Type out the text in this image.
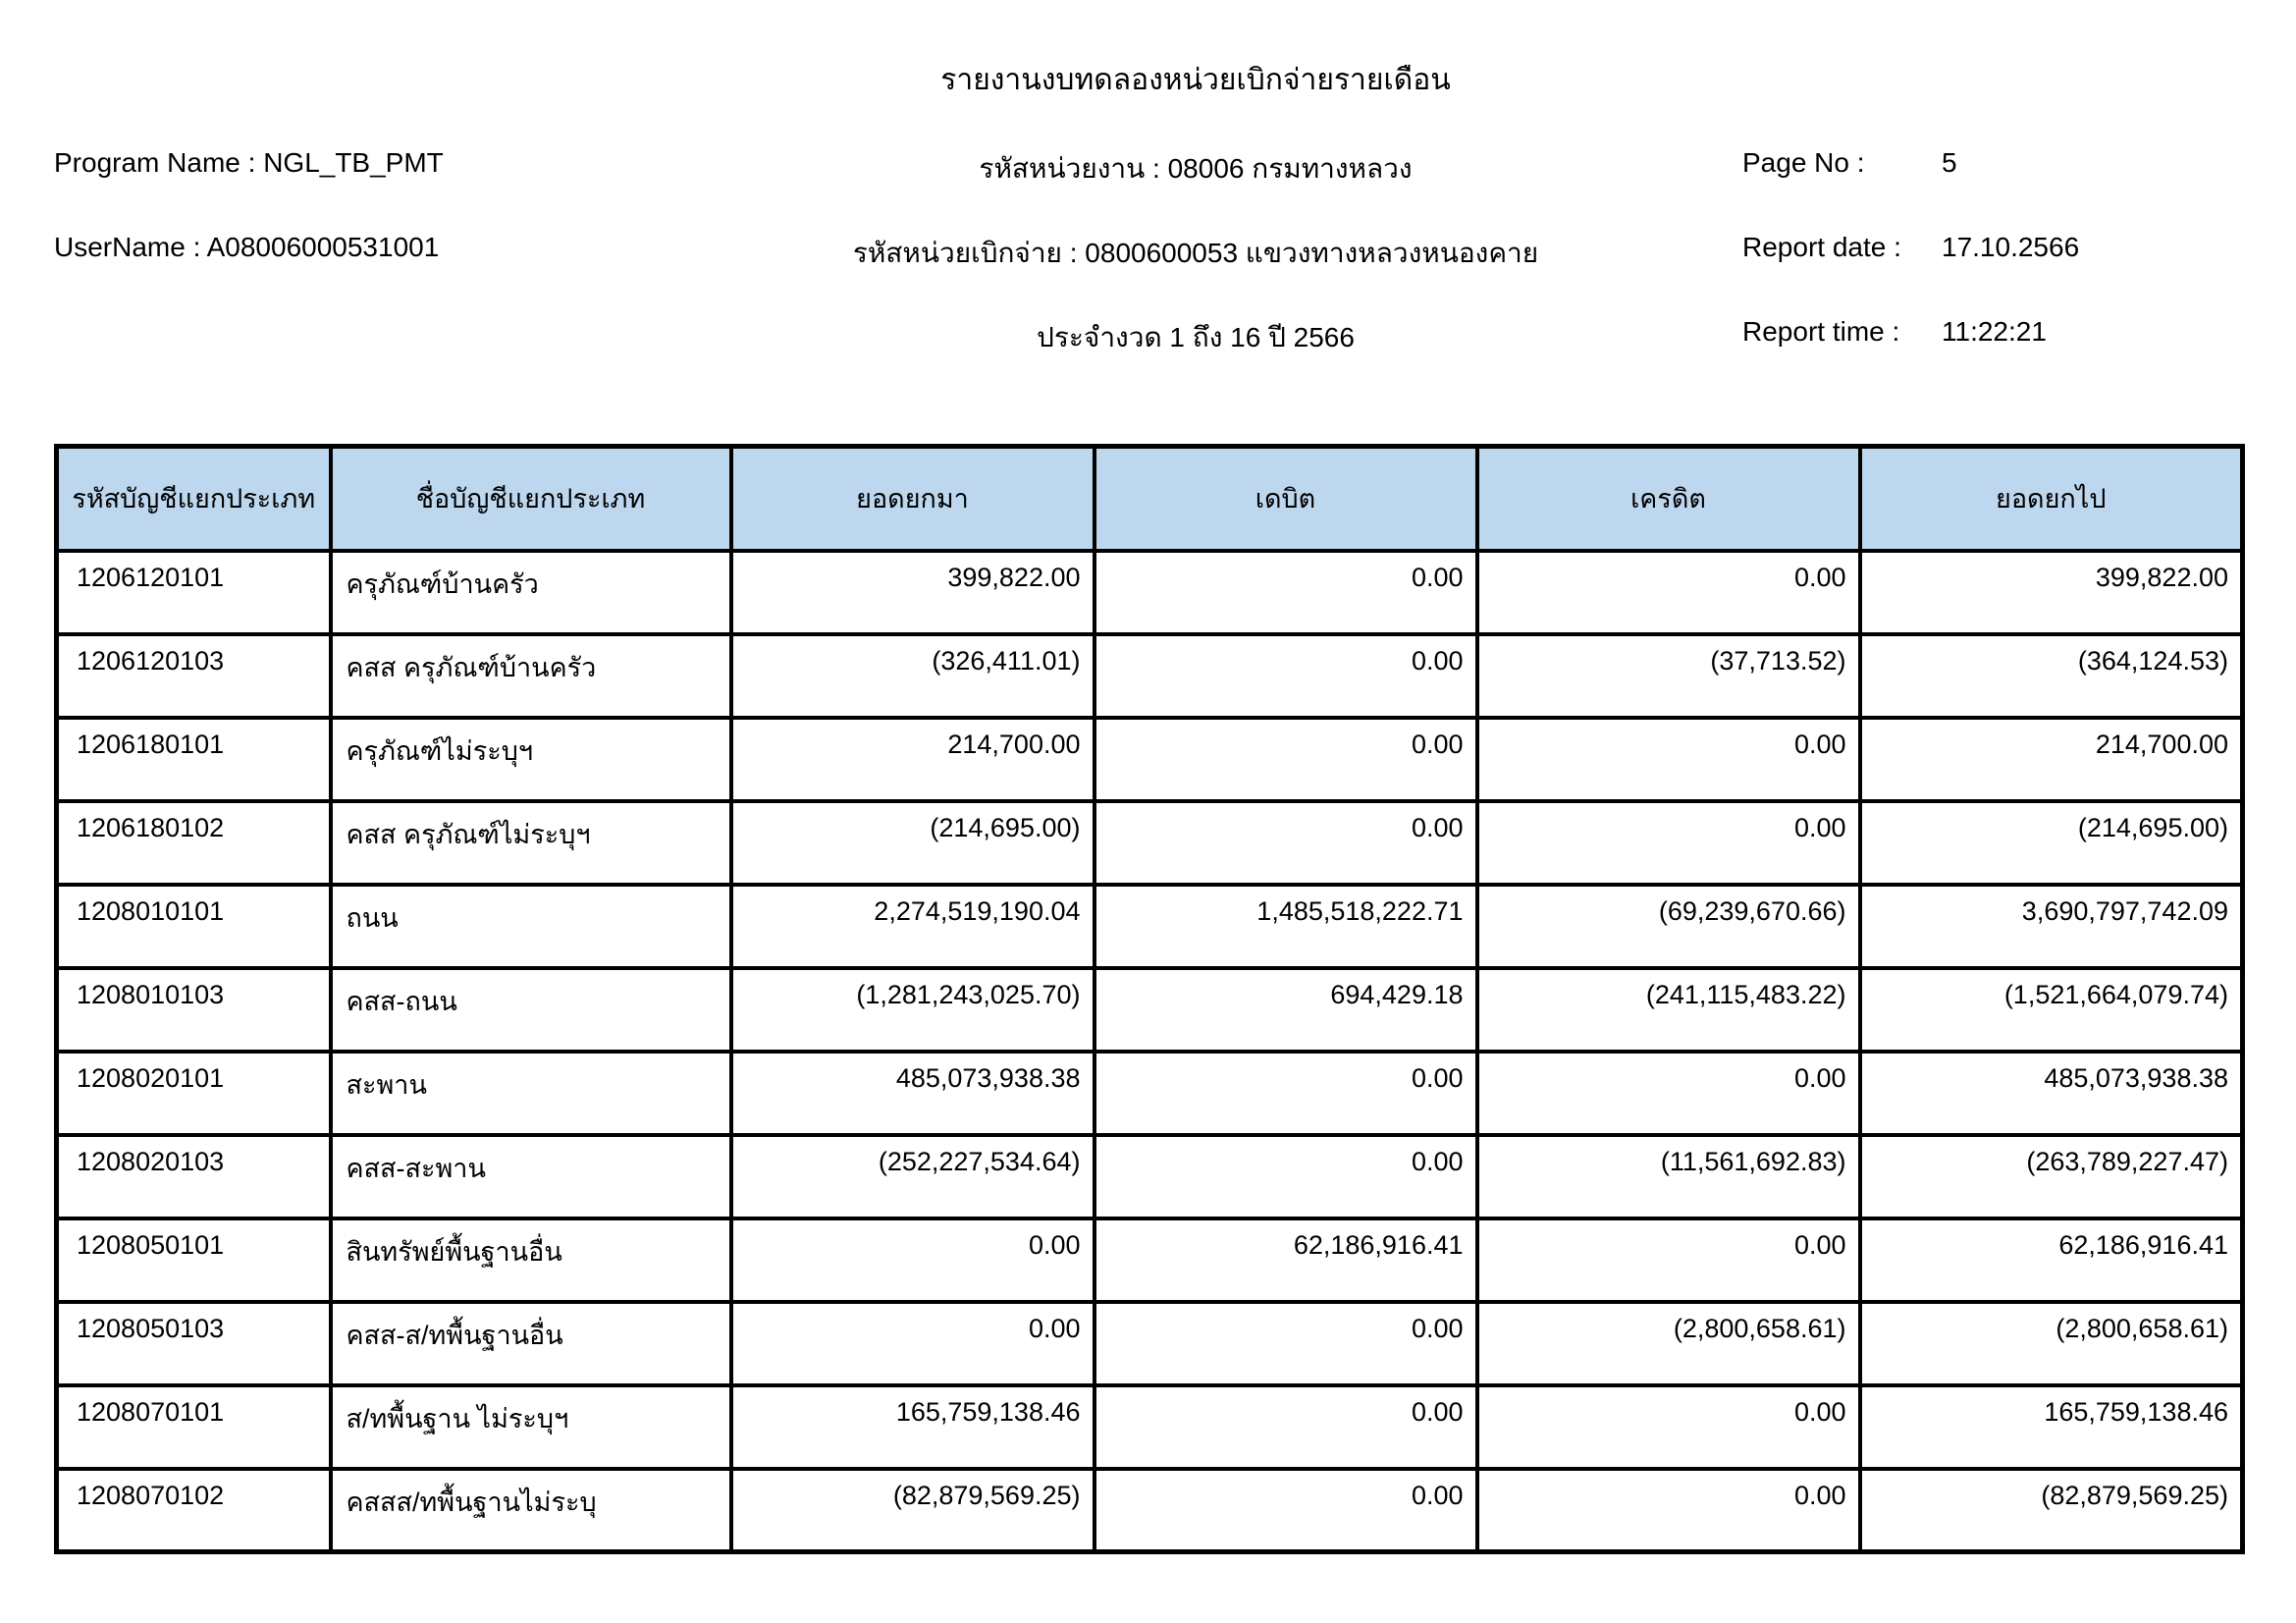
รายงานงบทดลองหน่วยเบิกจ่ายรายเดือน
Program Name : NGL_TB_PMT
UserName : A08006000531001
รหัสหน่วยงาน : 08006 กรมทางหลวง
รหัสหน่วยเบิกจ่าย : 0800600053 แขวงทางหลวงหนองคาย
ประจำงวด 1 ถึง 16 ปี 2566
Page No :	5
Report date : 17.10.2566
Report time : 11:22:21
รหัสบัญชีแยกประเภท	ชื่อบัญชีแยกประเภท	ยอดยกมา	เดบิต	เครดิต	ยอดยกไป
1206120101	ครุภัณฑ์บ้านครัว	399,822.00	0.00	0.00	399,822.00
1206120103	คสส ครุภัณฑ์บ้านครัว	(326,411.01)	0.00	(37,713.52)	(364,124.53)
1206180101	ครุภัณฑ์ไม่ระบุฯ	214,700.00	0.00	0.00	214,700.00
1206180102	คสส ครุภัณฑ์ไม่ระบุฯ	(214,695.00)	0.00	0.00	(214,695.00)
1208010101	ถนน	2,274,519,190.04	1,485,518,222.71	(69,239,670.66)	3,690,797,742.09
1208010103	คสส-ถนน	(1,281,243,025.70)	694,429.18	(241,115,483.22)	(1,521,664,079.74)
1208020101	สะพาน	485,073,938.38	0.00	0.00	485,073,938.38
1208020103	คสส-สะพาน	(252,227,534.64)	0.00	(11,561,692.83)	(263,789,227.47)
1208050101	สินทรัพย์พื้นฐานอื่น	0.00	62,186,916.41	0.00	62,186,916.41
1208050103	คสส-ส/ทพื้นฐานอื่น	0.00	0.00	(2,800,658.61)	(2,800,658.61)
1208070101	ส/ทพื้นฐาน ไม่ระบุฯ	165,759,138.46	0.00	0.00	165,759,138.46
1208070102	คสสส/ทพื้นฐานไม่ระบุ	(82,879,569.25)	0.00	0.00	(82,879,569.25)
